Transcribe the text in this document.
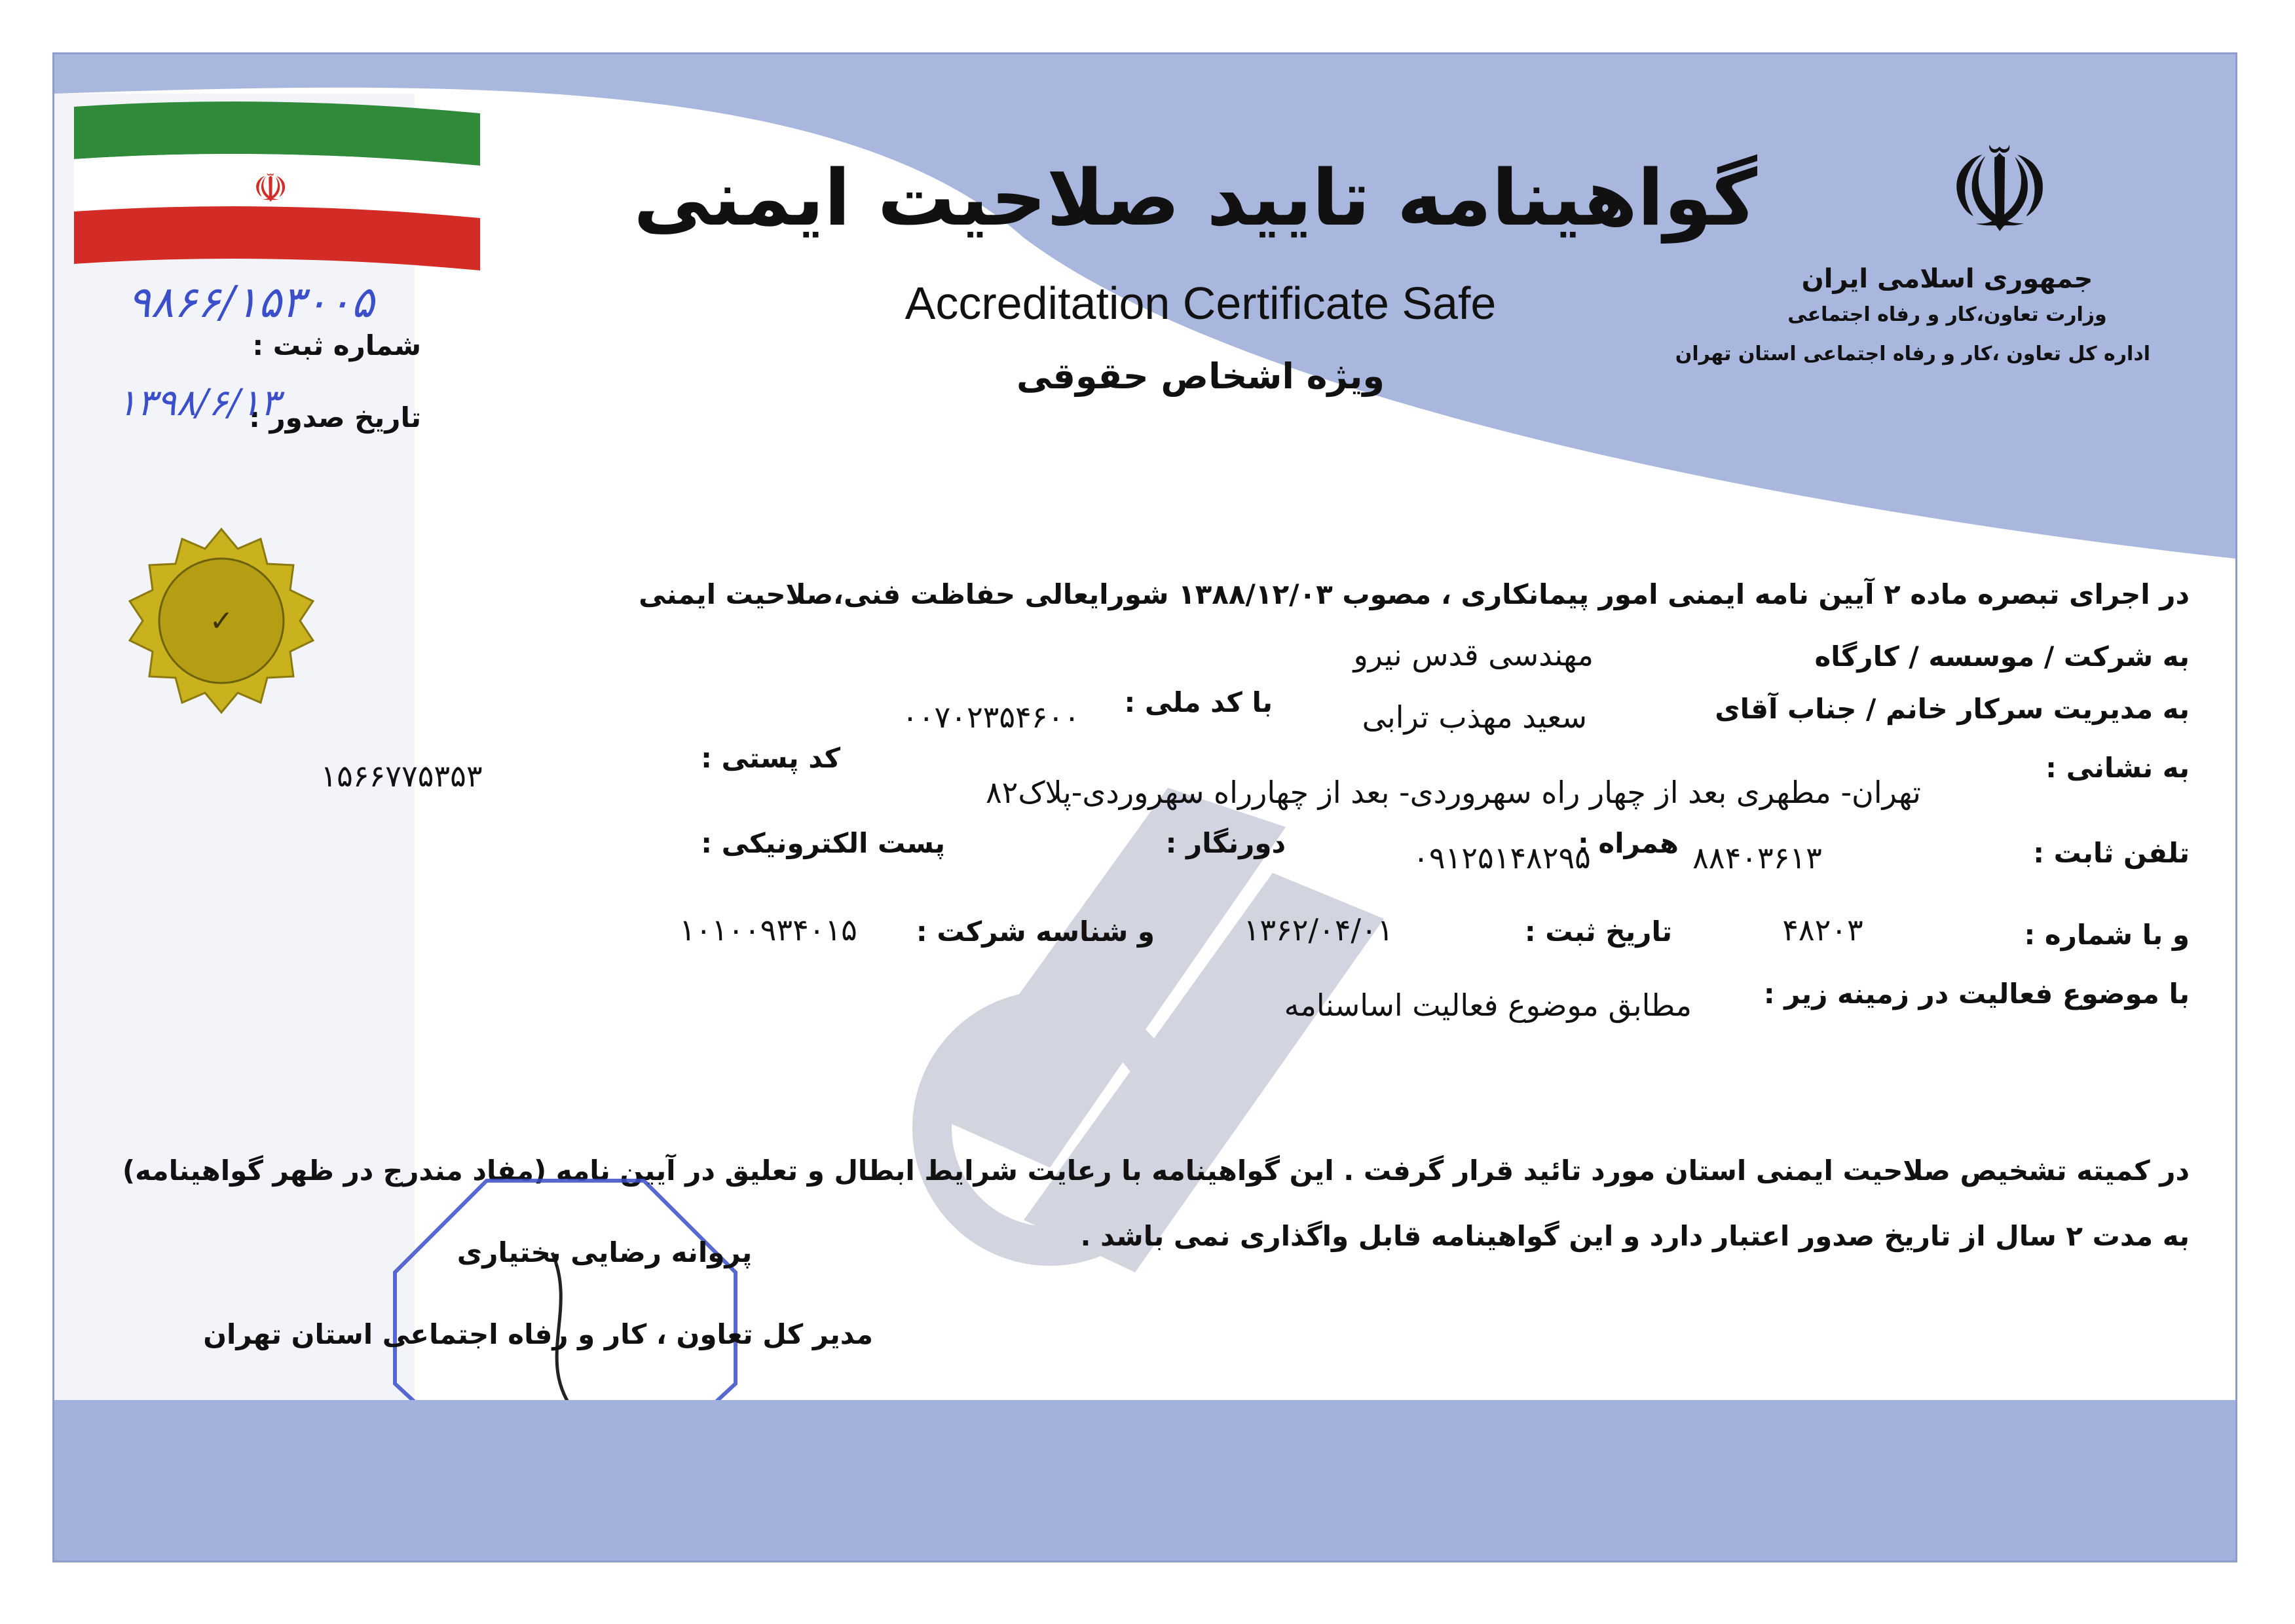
☫	☫
جمهوری اسلامی ایران
وزارت تعاون،کار و رفاه اجتماعی
اداره کل تعاون ،کار و رفاه اجتماعی استان تهران
گواهینامه تایید صلاحیت ایمنی
Accreditation Certificate Safe
ویژه اشخاص حقوقی
شماره ثبت :
۹۸۶۶/۱۵۳۰۰۵
تاریخ صدور :
۱۳۹۸/۶/۱۳
✓
در اجرای تبصره ماده ۲ آیین نامه ایمنی امور پیمانکاری ، مصوب ۱۳۸۸/۱۲/۰۳ شورایعالی حفاظت فنی،صلاحیت ایمنی
به شرکت / موسسه / کارگاه
مهندسی قدس نیرو
به مدیریت سرکار خانم / جناب آقای
سعید مهذب ترابی
با کد ملی :
۰۰۷۰۲۳۵۴۶۰۰
به نشانی :
تهران- مطهری بعد از چهار راه سهروردی- بعد از چهارراه سهروردی-پلاک۸۲
کد پستی :
۱۵۶۶۷۷۵۳۵۳
تلفن ثابت :
۸۸۴۰۳۶۱۳
همراه :
۰۹۱۲۵۱۴۸۲۹۵
دورنگار :
پست الکترونیکی :
و با شماره :
۴۸۲۰۳
تاریخ ثبت :
۱۳۶۲/۰۴/۰۱
و شناسه شرکت :
۱۰۱۰۰۹۳۴۰۱۵
با موضوع فعالیت در زمینه زیر :
مطابق موضوع فعالیت اساسنامه
در کمیته تشخیص صلاحیت ایمنی استان مورد تائید قرار گرفت . این گواهینامه با رعایت شرایط ابطال و تعلیق در آیین نامه (مفاد مندرج در ظهر گواهینامه)
به مدت ۲ سال از تاریخ صدور اعتبار دارد و این گواهینامه قابل واگذاری نمی باشد .
پروانه رضایی بختیاری
مدیر کل تعاون ، کار و رفاه اجتماعی استان تهران
